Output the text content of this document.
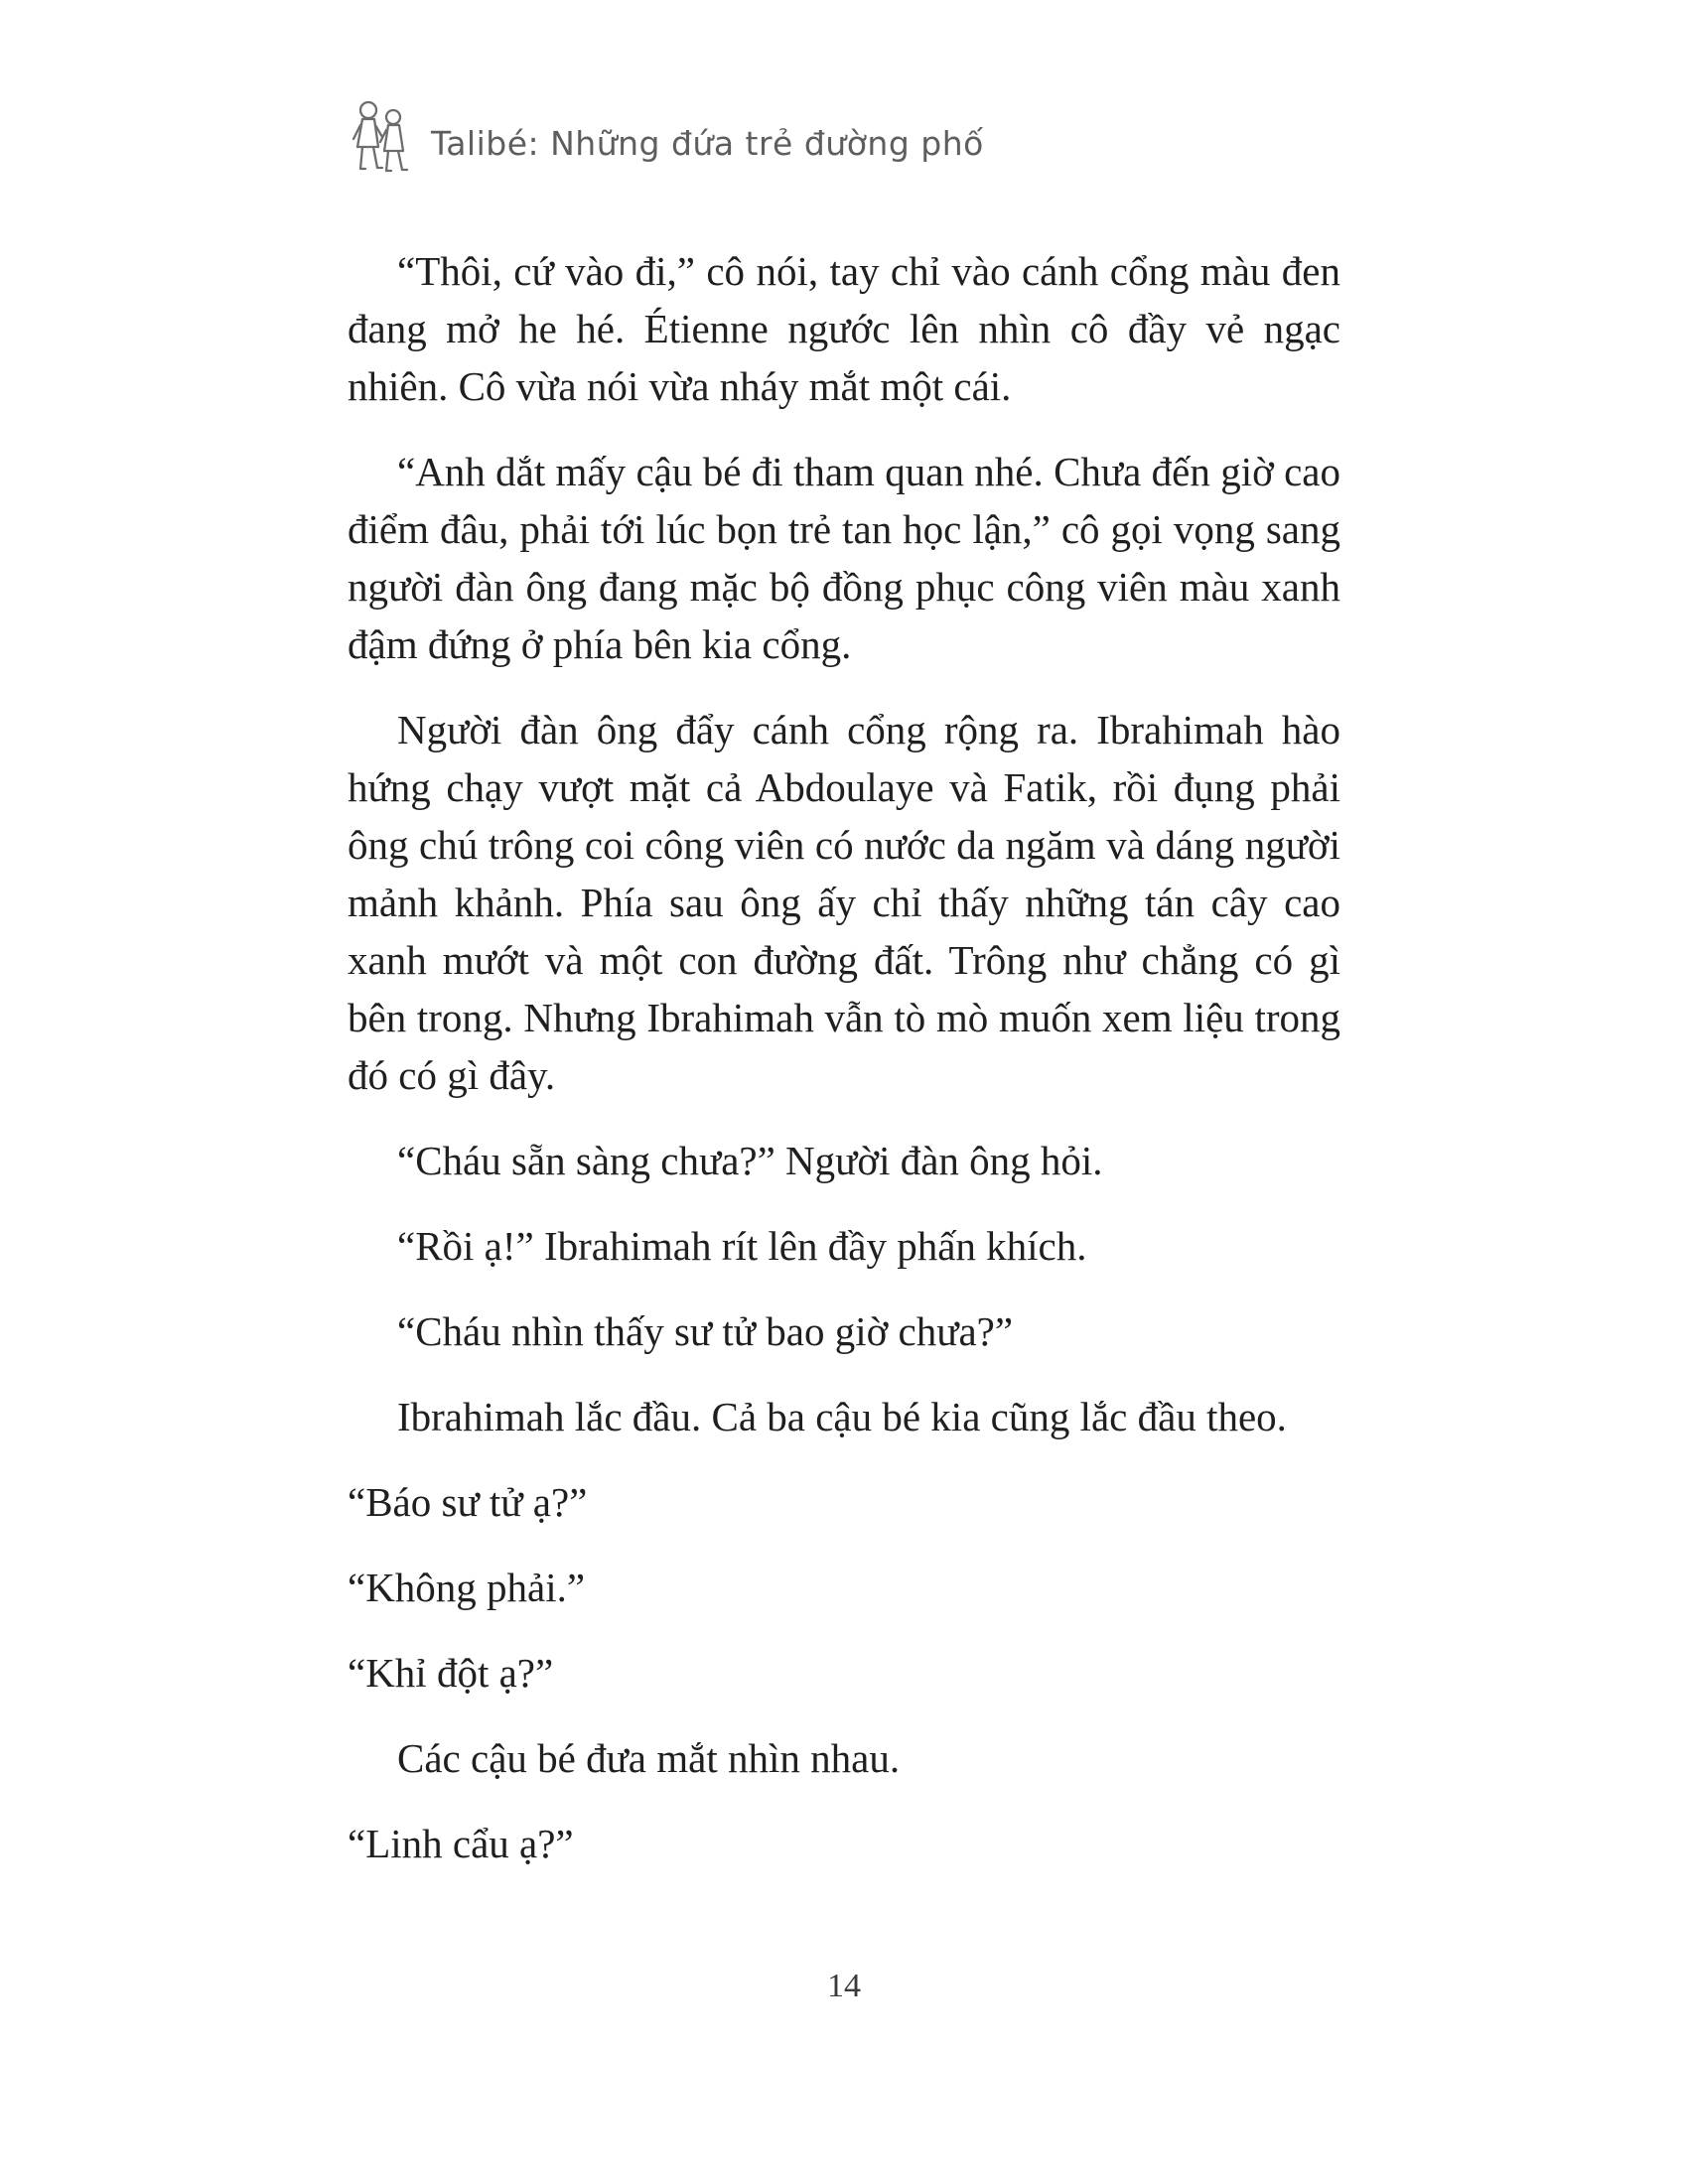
Talibé: Những đứa trẻ đường phố

“Thôi, cứ vào đi,” cô nói, tay chỉ vào cánh cổng màu đen đang mở he hé. Étienne ngước lên nhìn cô đầy vẻ ngạc nhiên. Cô vừa nói vừa nháy mắt một cái.

“Anh dắt mấy cậu bé đi tham quan nhé. Chưa đến giờ cao điểm đâu, phải tới lúc bọn trẻ tan học lận,” cô gọi vọng sang người đàn ông đang mặc bộ đồng phục công viên màu xanh đậm đứng ở phía bên kia cổng.

Người đàn ông đẩy cánh cổng rộng ra. Ibrahimah hào hứng chạy vượt mặt cả Abdoulaye và Fatik, rồi đụng phải ông chú trông coi công viên có nước da ngăm và dáng người mảnh khảnh. Phía sau ông ấy chỉ thấy những tán cây cao xanh mướt và một con đường đất. Trông như chẳng có gì bên trong. Nhưng Ibrahimah vẫn tò mò muốn xem liệu trong đó có gì đây.

“Cháu sẵn sàng chưa?” Người đàn ông hỏi.

“Rồi ạ!” Ibrahimah rít lên đầy phấn khích.

“Cháu nhìn thấy sư tử bao giờ chưa?”

Ibrahimah lắc đầu. Cả ba cậu bé kia cũng lắc đầu theo.

“Báo sư tử ạ?”

“Không phải.”

“Khỉ đột ạ?”

Các cậu bé đưa mắt nhìn nhau.

“Linh cẩu ạ?”

14
